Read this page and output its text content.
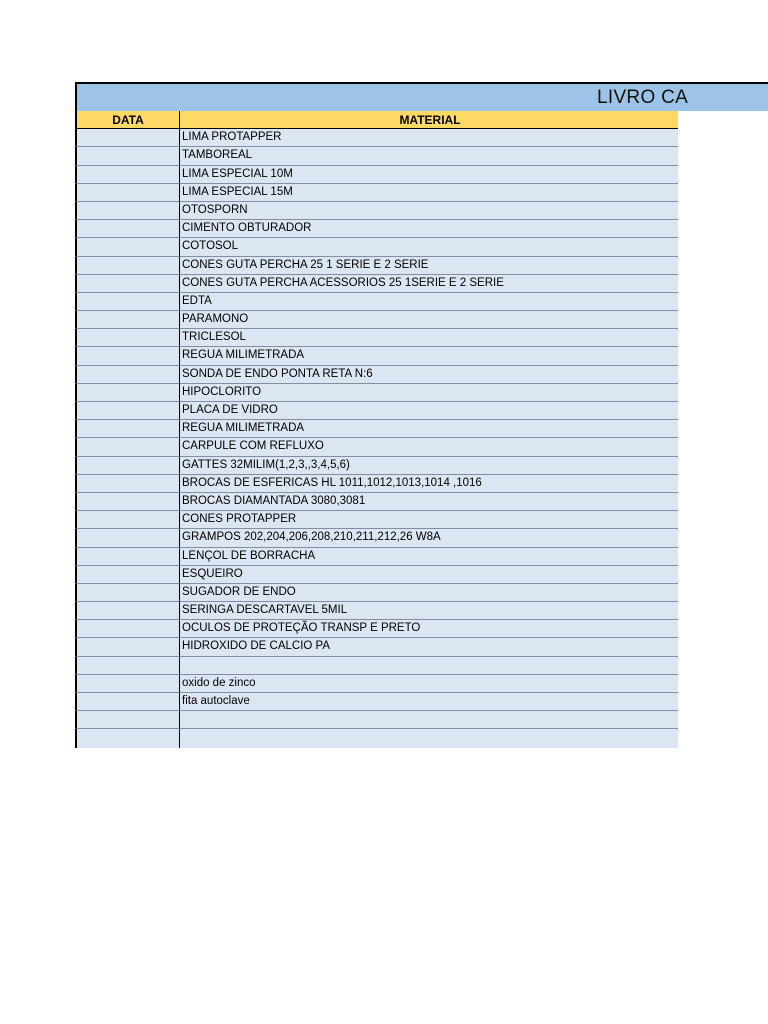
LIVRO CA
DATA	MATERIAL
LIMA PROTAPPER
TAMBOREAL
LIMA ESPECIAL 10M
LIMA ESPECIAL 15M
OTOSPORN
CIMENTO OBTURADOR
COTOSOL
CONES GUTA PERCHA 25 1 SERIE E 2 SERIE
CONES GUTA PERCHA ACESSORIOS 25 1SERIE E 2 SERIE
EDTA
PARAMONO
TRICLESOL
REGUA MILIMETRADA
SONDA DE ENDO PONTA RETA N:6
HIPOCLORITO
PLACA DE VIDRO
REGUA MILIMETRADA
CARPULE COM REFLUXO
GATTES 32MILIM(1,2,3,,3,4,5,6)
BROCAS DE ESFERICAS HL 1011,1012,1013,1014 ,1016
BROCAS DIAMANTADA 3080,3081
CONES PROTAPPER
GRAMPOS 202,204,206,208,210,211,212,26 W8A
LENÇOL DE BORRACHA
ESQUEIRO
SUGADOR DE ENDO
SERINGA DESCARTAVEL 5MIL
OCULOS DE PROTEÇÃO TRANSP E PRETO
HIDROXIDO DE CALCIO PA
oxido de zinco
fita autoclave
